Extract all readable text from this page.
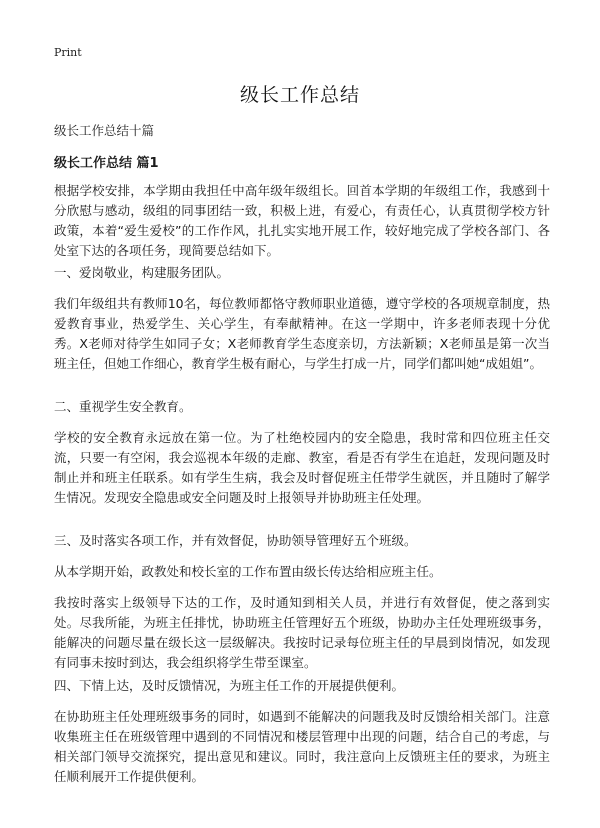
Print
级长工作总结
级长工作总结十篇
级长工作总结 篇1

根据学校安排，本学期由我担任中高年级年级组长。回首本学期的年级组工作，我感到十分欣慰与感动，级组的同事团结一致，积极上进，有爱心，有责任心，认真贯彻学校方针政策，本着“爱生爱校”的工作作风，扎扎实实地开展工作，较好地完成了学校各部门、各处室下达的各项任务，现简要总结如下。

一、爱岗敬业，构建服务团队。

我们年级组共有教师10名，每位教师都恪守教师职业道德，遵守学校的各项规章制度，热爱教育事业，热爱学生、关心学生，有奉献精神。在这一学期中，许多老师表现十分优秀。X老师对待学生如同子女；X老师教育学生态度亲切，方法新颖；X老师虽是第一次当班主任，但她工作细心，教育学生极有耐心，与学生打成一片，同学们都叫她“成姐姐”。

二、重视学生安全教育。

学校的安全教育永远放在第一位。为了杜绝校园内的安全隐患，我时常和四位班主任交流，只要一有空闲，我会巡视本年级的走廊、教室，看是否有学生在追赶，发现问题及时制止并和班主任联系。如有学生生病，我会及时督促班主任带学生就医，并且随时了解学生情况。发现安全隐患或安全问题及时上报领导并协助班主任处理。

三、及时落实各项工作，并有效督促，协助领导管理好五个班级。

从本学期开始，政教处和校长室的工作布置由级长传达给相应班主任。

我按时落实上级领导下达的工作，及时通知到相关人员，并进行有效督促，使之落到实处。尽我所能，为班主任排忧，协助班主任管理好五个班级，协助办主任处理班级事务，能解决的问题尽量在级长这一层级解决。我按时记录每位班主任的早晨到岗情况，如发现有同事未按时到达，我会组织将学生带至课室。

四、下情上达，及时反馈情况，为班主任工作的开展提供便利。

在协助班主任处理班级事务的同时，如遇到不能解决的问题我及时反馈给相关部门。注意收集班主任在班级管理中遇到的不同情况和楼层管理中出现的问题，结合自己的考虑，与相关部门领导交流探究，提出意见和建议。同时，我注意向上反馈班主任的要求，为班主任顺利展开工作提供便利。
